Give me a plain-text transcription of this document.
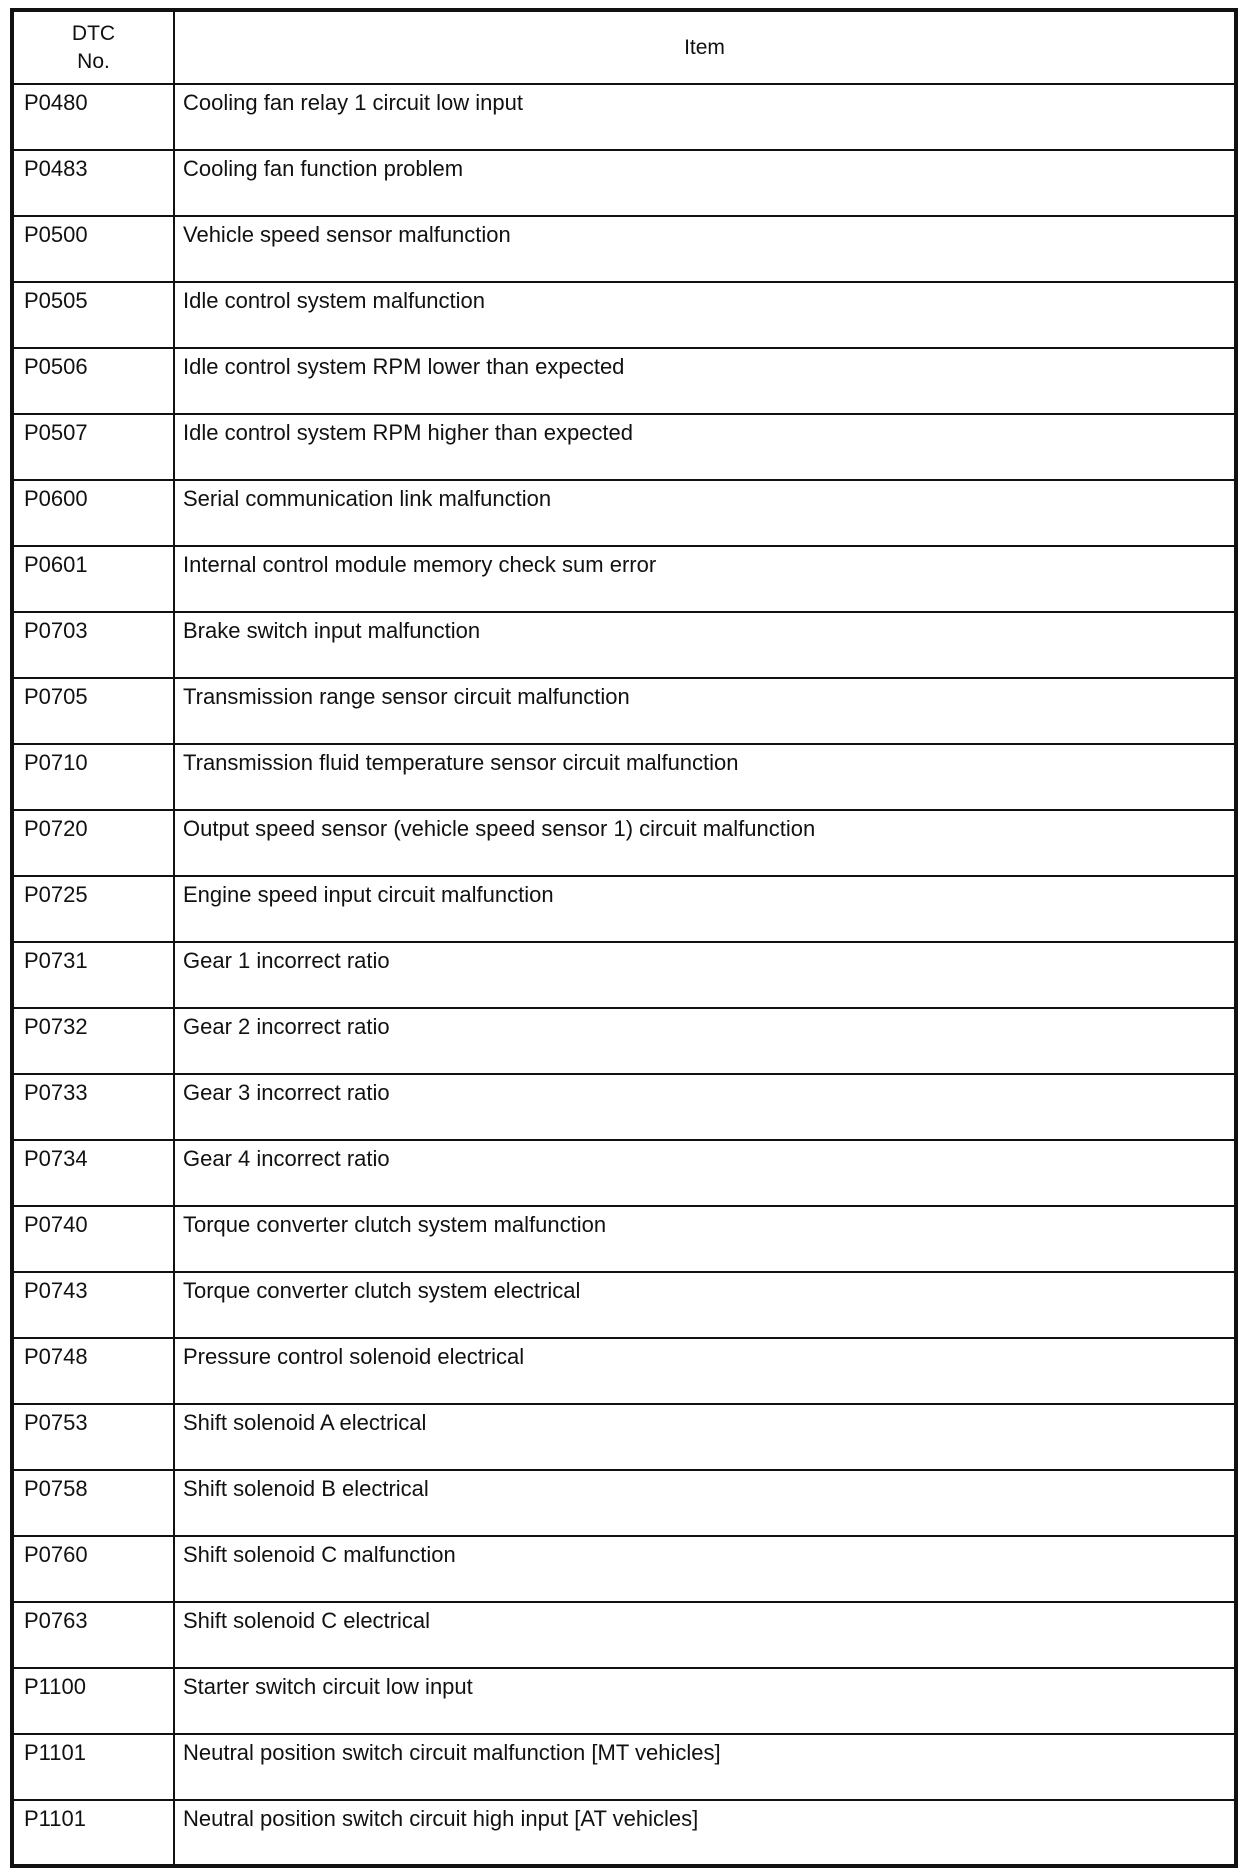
DTC
No.	Item
P0480	Cooling fan relay 1 circuit low input
P0483	Cooling fan function problem
P0500	Vehicle speed sensor malfunction
P0505	Idle control system malfunction
P0506	Idle control system RPM lower than expected
P0507	Idle control system RPM higher than expected
P0600	Serial communication link malfunction
P0601	Internal control module memory check sum error
P0703	Brake switch input malfunction
P0705	Transmission range sensor circuit malfunction
P0710	Transmission fluid temperature sensor circuit malfunction
P0720	Output speed sensor (vehicle speed sensor 1) circuit malfunction
P0725	Engine speed input circuit malfunction
P0731	Gear 1 incorrect ratio
P0732	Gear 2 incorrect ratio
P0733	Gear 3 incorrect ratio
P0734	Gear 4 incorrect ratio
P0740	Torque converter clutch system malfunction
P0743	Torque converter clutch system electrical
P0748	Pressure control solenoid electrical
P0753	Shift solenoid A electrical
P0758	Shift solenoid B electrical
P0760	Shift solenoid C malfunction
P0763	Shift solenoid C electrical
P1100	Starter switch circuit low input
P1101	Neutral position switch circuit malfunction [MT vehicles]
P1101	Neutral position switch circuit high input [AT vehicles]
